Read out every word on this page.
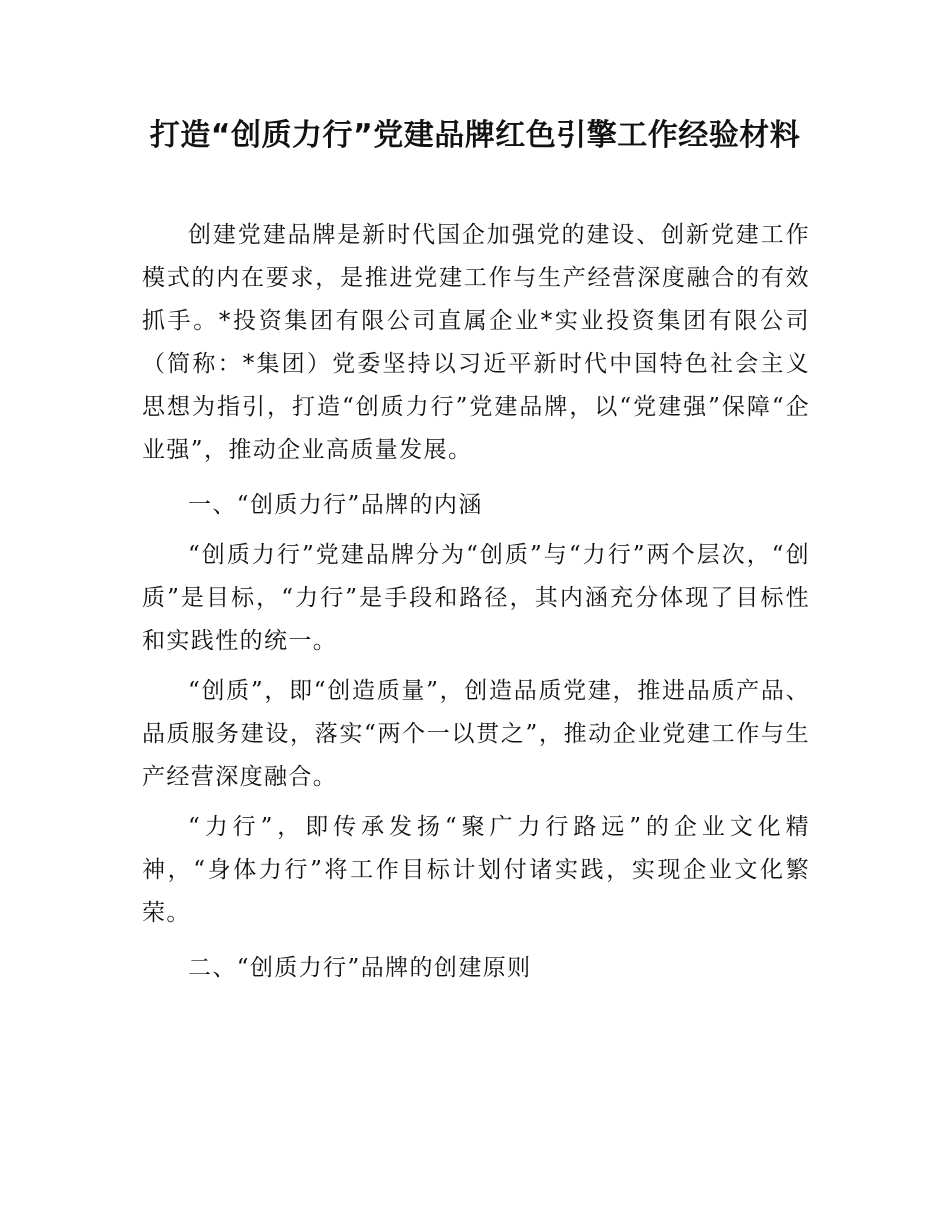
打造“创质力行”党建品牌红色引擎工作经验材料

创建党建品牌是新时代国企加强党的建设、创新党建工作模式的内在要求，是推进党建工作与生产经营深度融合的有效抓手。*投资集团有限公司直属企业*实业投资集团有限公司（简称：*集团）党委坚持以习近平新时代中国特色社会主义思想为指引，打造“创质力行”党建品牌，以“党建强”保障“企业强”，推动企业高质量发展。

一、“创质力行”品牌的内涵

“创质力行”党建品牌分为“创质”与“力行”两个层次，“创质”是目标，“力行”是手段和路径，其内涵充分体现了目标性和实践性的统一。

“创质”，即“创造质量”，创造品质党建，推进品质产品、品质服务建设，落实“两个一以贯之”，推动企业党建工作与生产经营深度融合。

“力行”，即传承发扬“聚广力行路远”的企业文化精神，“身体力行”将工作目标计划付诸实践，实现企业文化繁荣。

二、“创质力行”品牌的创建原则
